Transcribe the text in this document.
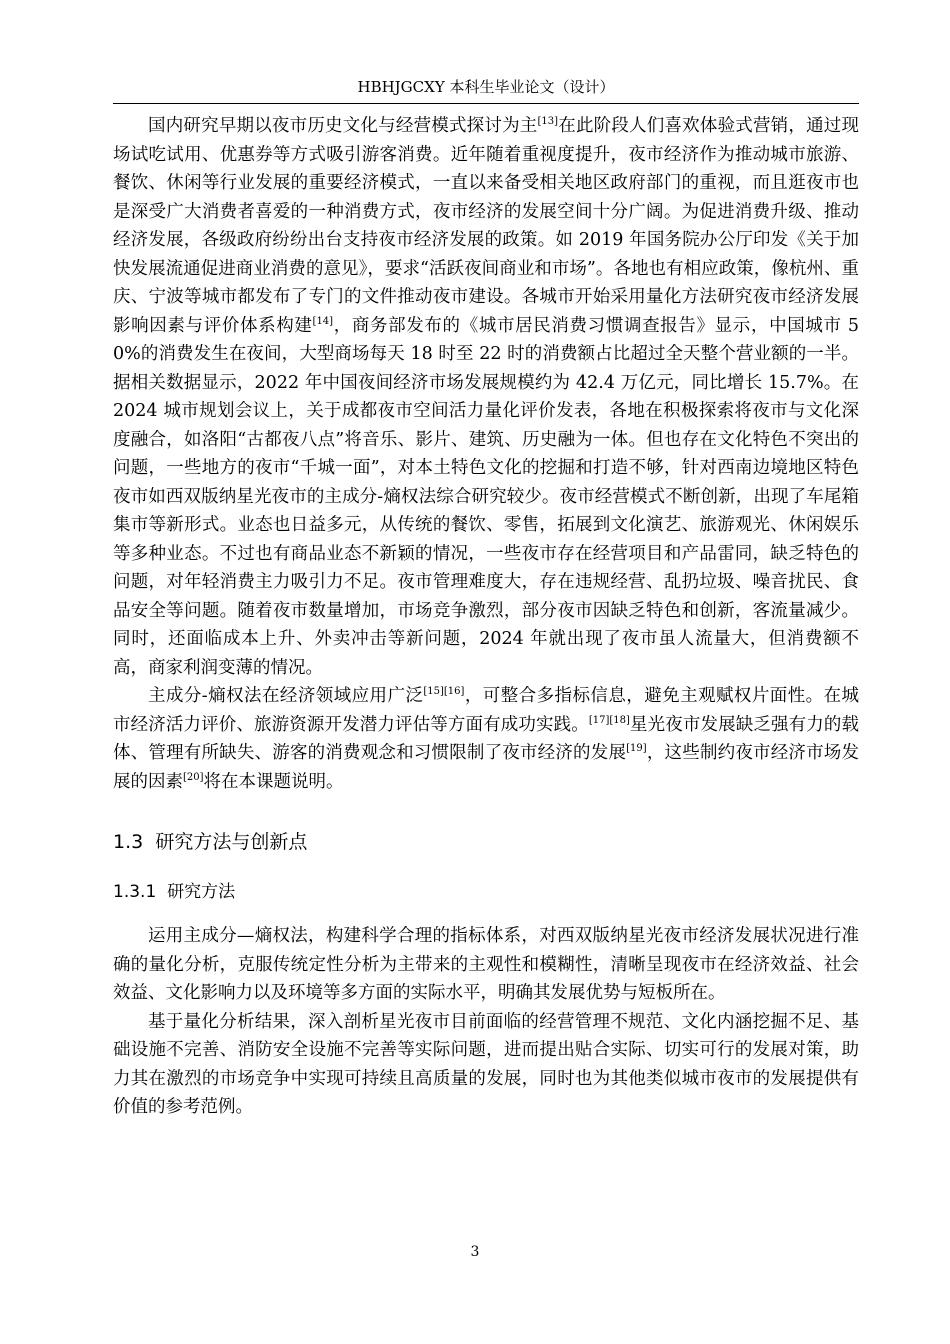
HBHJGCXY 本科生毕业论文（设计）

国内研究早期以夜市历史文化与经营模式探讨为主[13]在此阶段人们喜欢体验式营销，通过现场试吃试用、优惠券等方式吸引游客消费。近年随着重视度提升，夜市经济作为推动城市旅游、餐饮、休闲等行业发展的重要经济模式，一直以来备受相关地区政府部门的重视，而且逛夜市也是深受广大消费者喜爱的一种消费方式，夜市经济的发展空间十分广阔。为促进消费升级、推动经济发展，各级政府纷纷出台支持夜市经济发展的政策。如 2019 年国务院办公厅印发《关于加快发展流通促进商业消费的意见》，要求“活跃夜间商业和市场”。各地也有相应政策，像杭州、重庆、宁波等城市都发布了专门的文件推动夜市建设。各城市开始采用量化方法研究夜市经济发展影响因素与评价体系构建[14]，商务部发布的《城市居民消费习惯调查报告》显示，中国城市 50%的消费发生在夜间，大型商场每天 18 时至 22 时的消费额占比超过全天整个营业额的一半。据相关数据显示，2022 年中国夜间经济市场发展规模约为 42.4 万亿元，同比增长 15.7%。在 2024 城市规划会议上，关于成都夜市空间活力量化评价发表，各地在积极探索将夜市与文化深度融合，如洛阳“古都夜八点”将音乐、影片、建筑、历史融为一体。但也存在文化特色不突出的问题，一些地方的夜市“千城一面”，对本土特色文化的挖掘和打造不够，针对西南边境地区特色夜市如西双版纳星光夜市的主成分-熵权法综合研究较少。夜市经营模式不断创新，出现了车尾箱集市等新形式。业态也日益多元，从传统的餐饮、零售，拓展到文化演艺、旅游观光、休闲娱乐等多种业态。不过也有商品业态不新颖的情况，一些夜市存在经营项目和产品雷同，缺乏特色的问题，对年轻消费主力吸引力不足。夜市管理难度大，存在违规经营、乱扔垃圾、噪音扰民、食品安全等问题。随着夜市数量增加，市场竞争激烈，部分夜市因缺乏特色和创新，客流量减少。同时，还面临成本上升、外卖冲击等新问题，2024 年就出现了夜市虽人流量大，但消费额不高，商家利润变薄的情况。

主成分-熵权法在经济领域应用广泛[15][16]，可整合多指标信息，避免主观赋权片面性。在城市经济活力评价、旅游资源开发潜力评估等方面有成功实践。[17][18]星光夜市发展缺乏强有力的载体、管理有所缺失、游客的消费观念和习惯限制了夜市经济的发展[19]，这些制约夜市经济市场发展的因素[20]将在本课题说明。

1.3 研究方法与创新点
1.3.1 研究方法

运用主成分—熵权法，构建科学合理的指标体系，对西双版纳星光夜市经济发展状况进行准确的量化分析，克服传统定性分析为主带来的主观性和模糊性，清晰呈现夜市在经济效益、社会效益、文化影响力以及环境等多方面的实际水平，明确其发展优势与短板所在。

基于量化分析结果，深入剖析星光夜市目前面临的经营管理不规范、文化内涵挖掘不足、基础设施不完善、消防安全设施不完善等实际问题，进而提出贴合实际、切实可行的发展对策，助力其在激烈的市场竞争中实现可持续且高质量的发展，同时也为其他类似城市夜市的发展提供有价值的参考范例。

3
